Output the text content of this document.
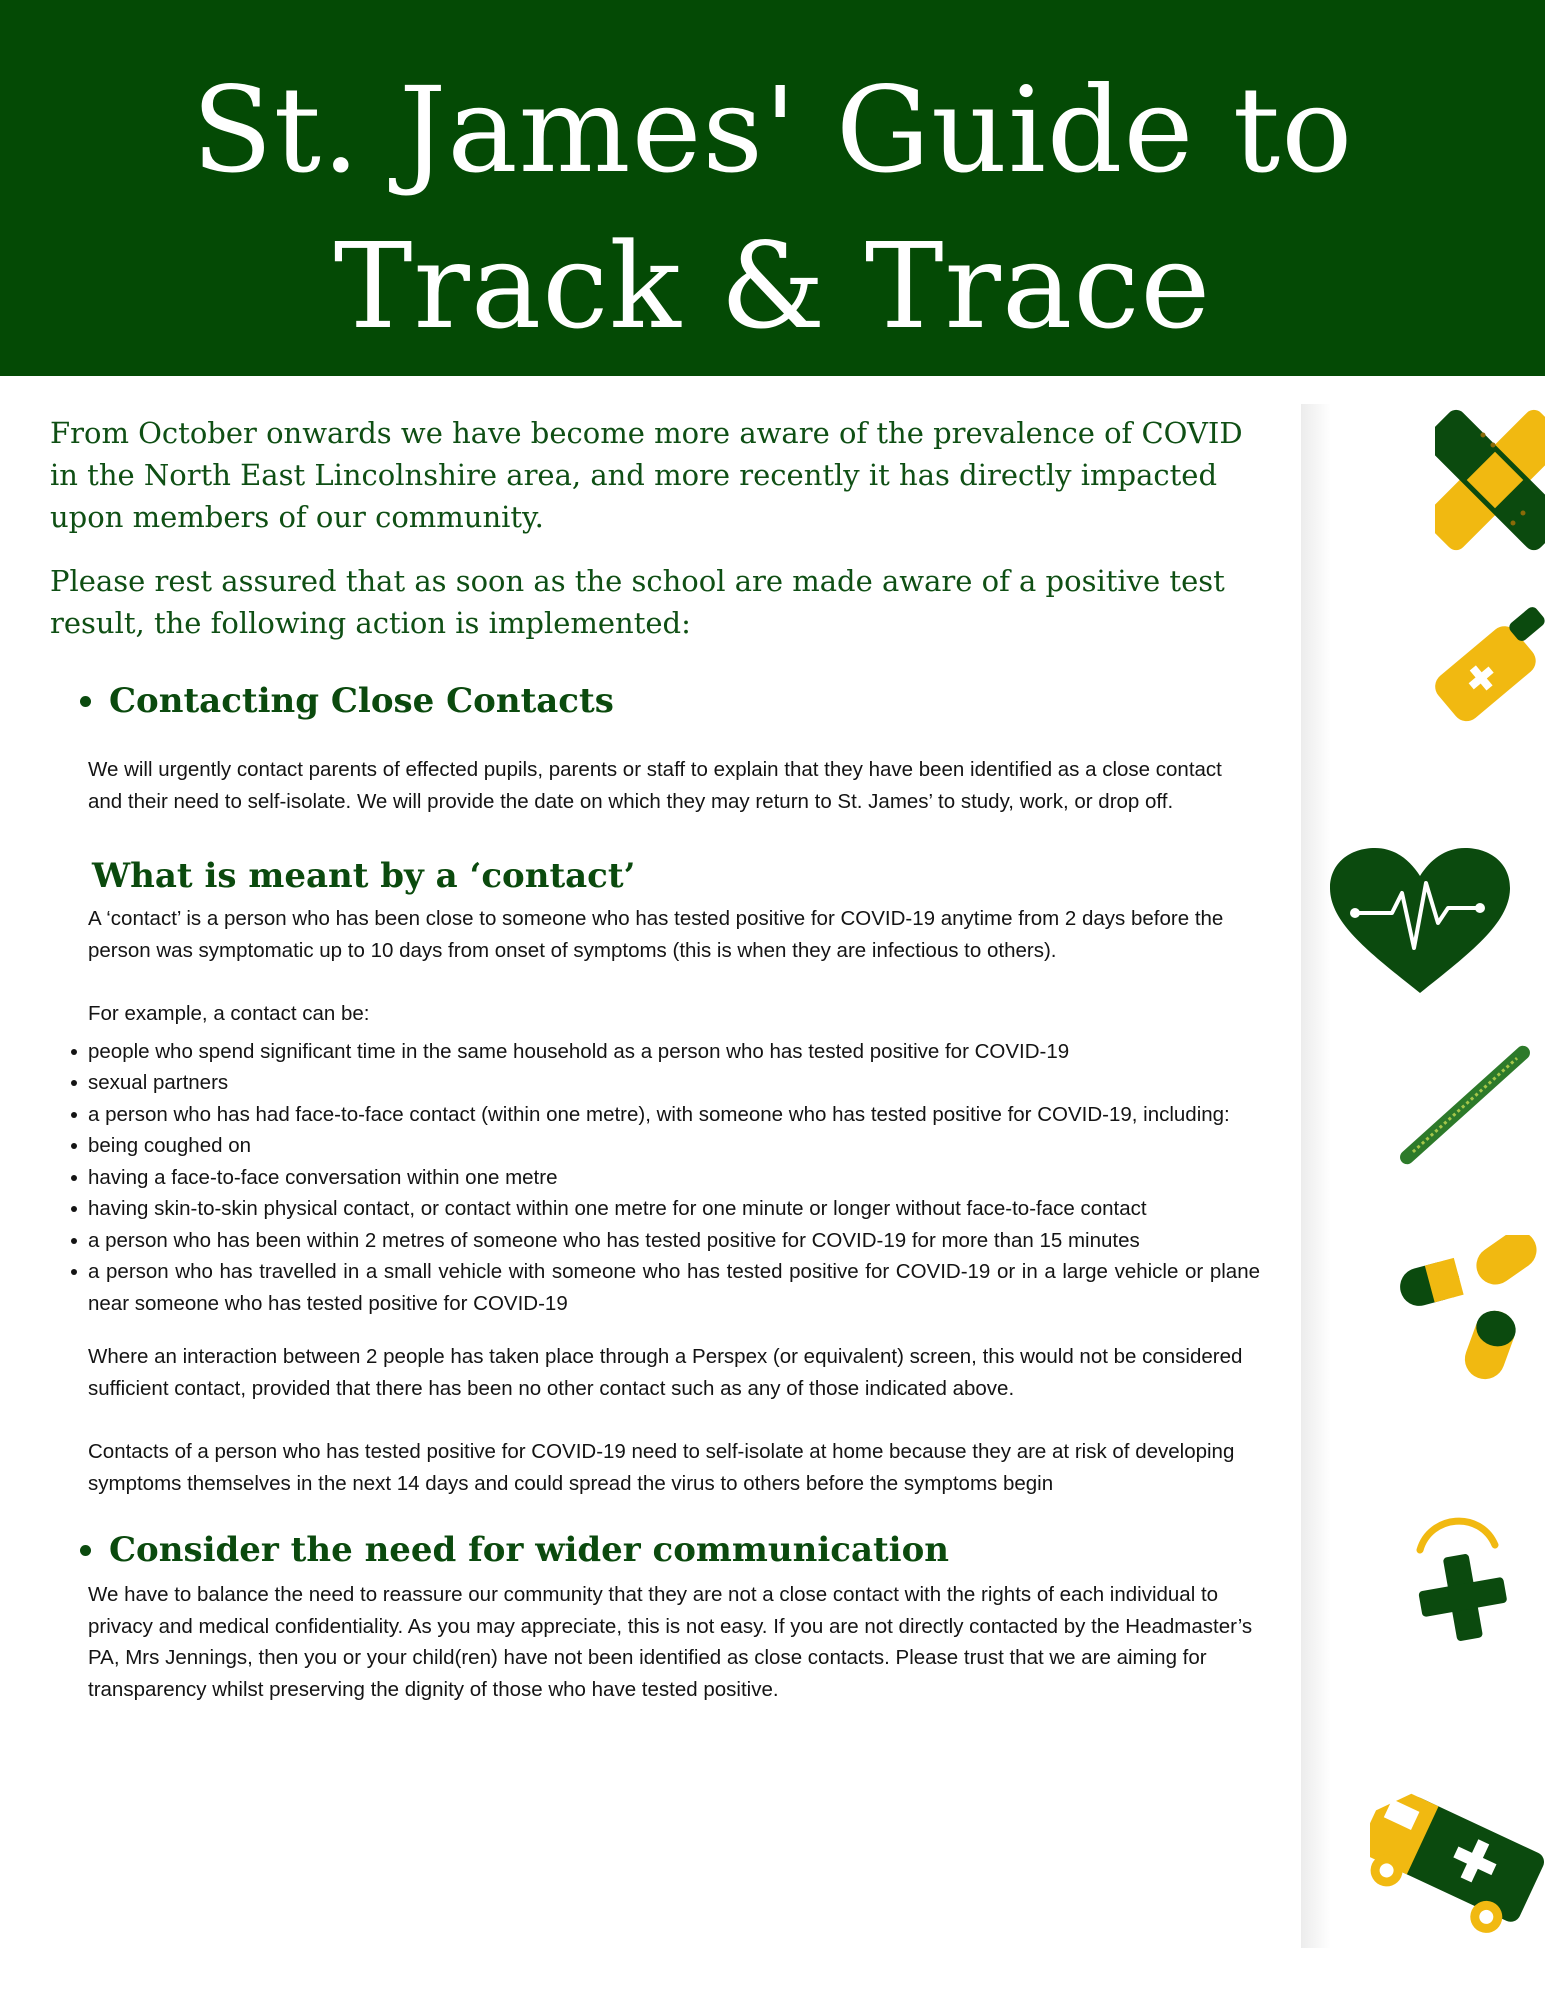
St. James' Guide to
Track & Trace

From October onwards we have become more aware of the prevalence of COVID in the North East Lincolnshire area, and more recently it has directly impacted upon members of our community.

Please rest assured that as soon as the school are made aware of a positive test result, the following action is implemented:

Contacting Close Contacts

We will urgently contact parents of effected pupils, parents or staff to explain that they have been identified as a close contact and their need to self-isolate. We will provide the date on which they may return to St. James’ to study, work, or drop off.

What is meant by a ‘contact’

A ‘contact’ is a person who has been close to someone who has tested positive for COVID-19 anytime from 2 days before the person was symptomatic up to 10 days from onset of symptoms (this is when they are infectious to others).

For example, a contact can be:

people who spend significant time in the same household as a person who has tested positive for COVID-19
sexual partners
a person who has had face-to-face contact (within one metre), with someone who has tested positive for COVID-19, including:
being coughed on
having a face-to-face conversation within one metre
having skin-to-skin physical contact, or contact within one metre for one minute or longer without face-to-face contact
a person who has been within 2 metres of someone who has tested positive for COVID-19 for more than 15 minutes
a person who has travelled in a small vehicle with someone who has tested positive for COVID-19 or in a large vehicle or plane near someone who has tested positive for COVID-19

Where an interaction between 2 people has taken place through a Perspex (or equivalent) screen, this would not be considered sufficient contact, provided that there has been no other contact such as any of those indicated above.

Contacts of a person who has tested positive for COVID-19 need to self-isolate at home because they are at risk of developing symptoms themselves in the next 14 days and could spread the virus to others before the symptoms begin

Consider the need for wider communication

We have to balance the need to reassure our community that they are not a close contact with the rights of each individual to privacy and medical confidentiality. As you may appreciate, this is not easy. If you are not directly contacted by the Headmaster’s PA, Mrs Jennings, then you or your child(ren) have not been identified as close contacts. Please trust that we are aiming for transparency whilst preserving the dignity of those who have tested positive.
